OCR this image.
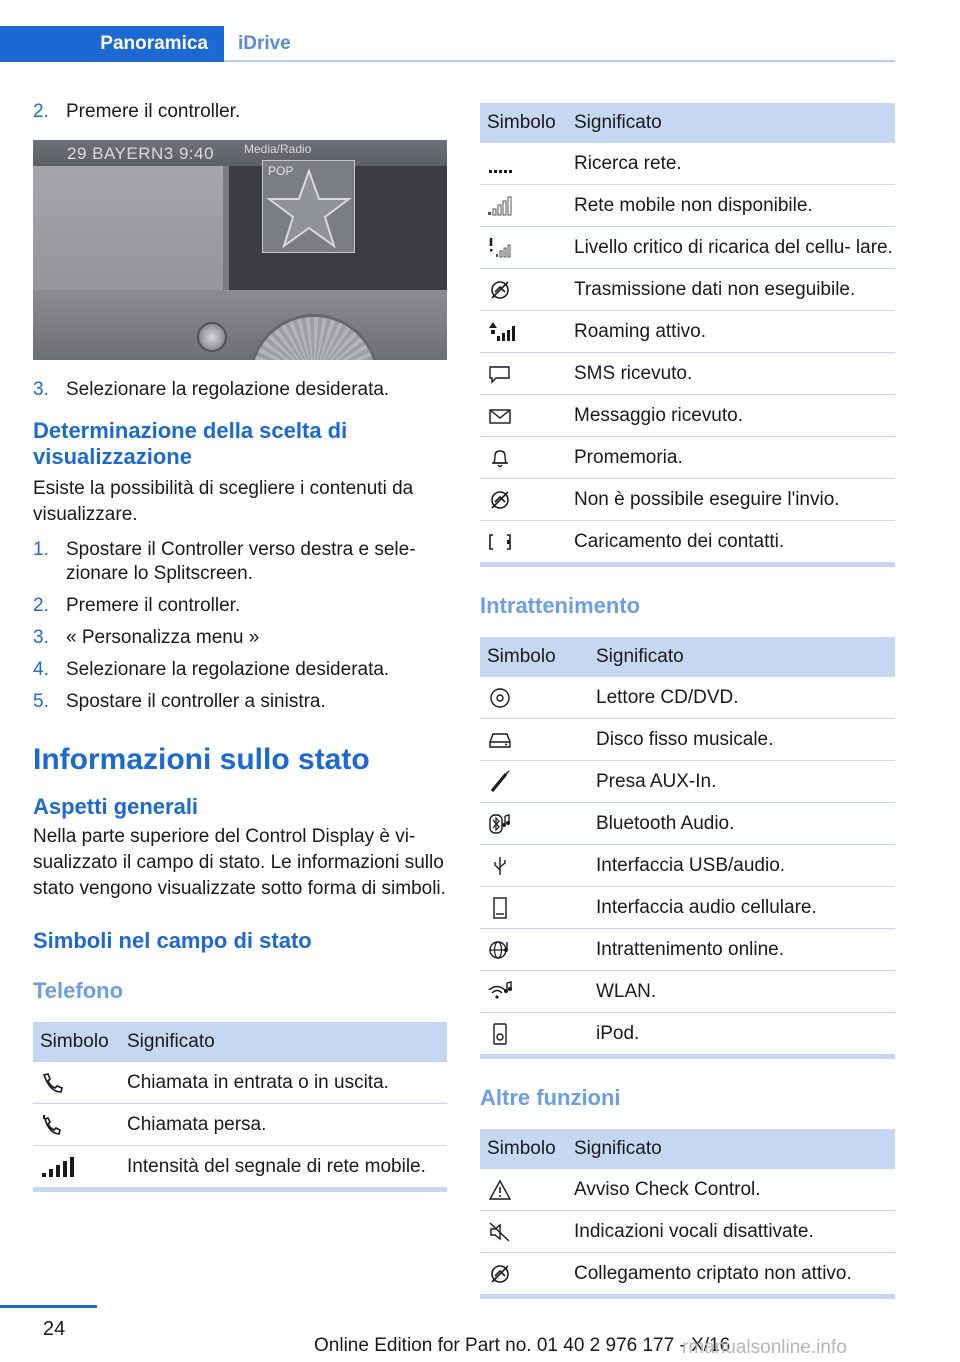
Panoramica	iDrive
2. Premere il controller.
29 BAYERN3 9:40 Media/Radio
POP
3. Selezionare la regolazione desiderata.
Determinazione della scelta di visualizzazione
Esiste la possibilità di scegliere i contenuti da visualizzare.
1. Spostare il Controller verso destra e sele‐ zionare lo Splitscreen.
2. Premere il controller.
3. « Personalizza menu »
4. Selezionare la regolazione desiderata.
5. Spostare il controller a sinistra.
Informazioni sullo stato
Aspetti generali
Nella parte superiore del Control Display è vi‐ sualizzato il campo di stato. Le informazioni sullo stato vengono visualizzate sotto forma di simboli.
Simboli nel campo di stato
Telefono
Simbolo	Significato
	Chiamata in entrata o in uscita.
	Chiamata persa.
	Intensità del segnale di rete mobile.
Simbolo	Significato
	Ricerca rete.
	Rete mobile non disponibile.
	Livello critico di ricarica del cellu‐ lare.
	Trasmissione dati non eseguibile.
	Roaming attivo.
	SMS ricevuto.
	Messaggio ricevuto.
	Promemoria.
	Non è possibile eseguire l'invio.
	Caricamento dei contatti.
Intrattenimento
Simbolo	Significato
	Lettore CD/DVD.
	Disco fisso musicale.
	Presa AUX-In.
	Bluetooth Audio.
	Interfaccia USB/audio.
	Interfaccia audio cellulare.
	Intrattenimento online.
	WLAN.
	iPod.
Altre funzioni
Simbolo	Significato
	Avviso Check Control.
	Indicazioni vocali disattivate.
	Collegamento criptato non attivo.
24
Online Edition for Part no. 01 40 2 976 177 - X/16
rmanualsonline.info
